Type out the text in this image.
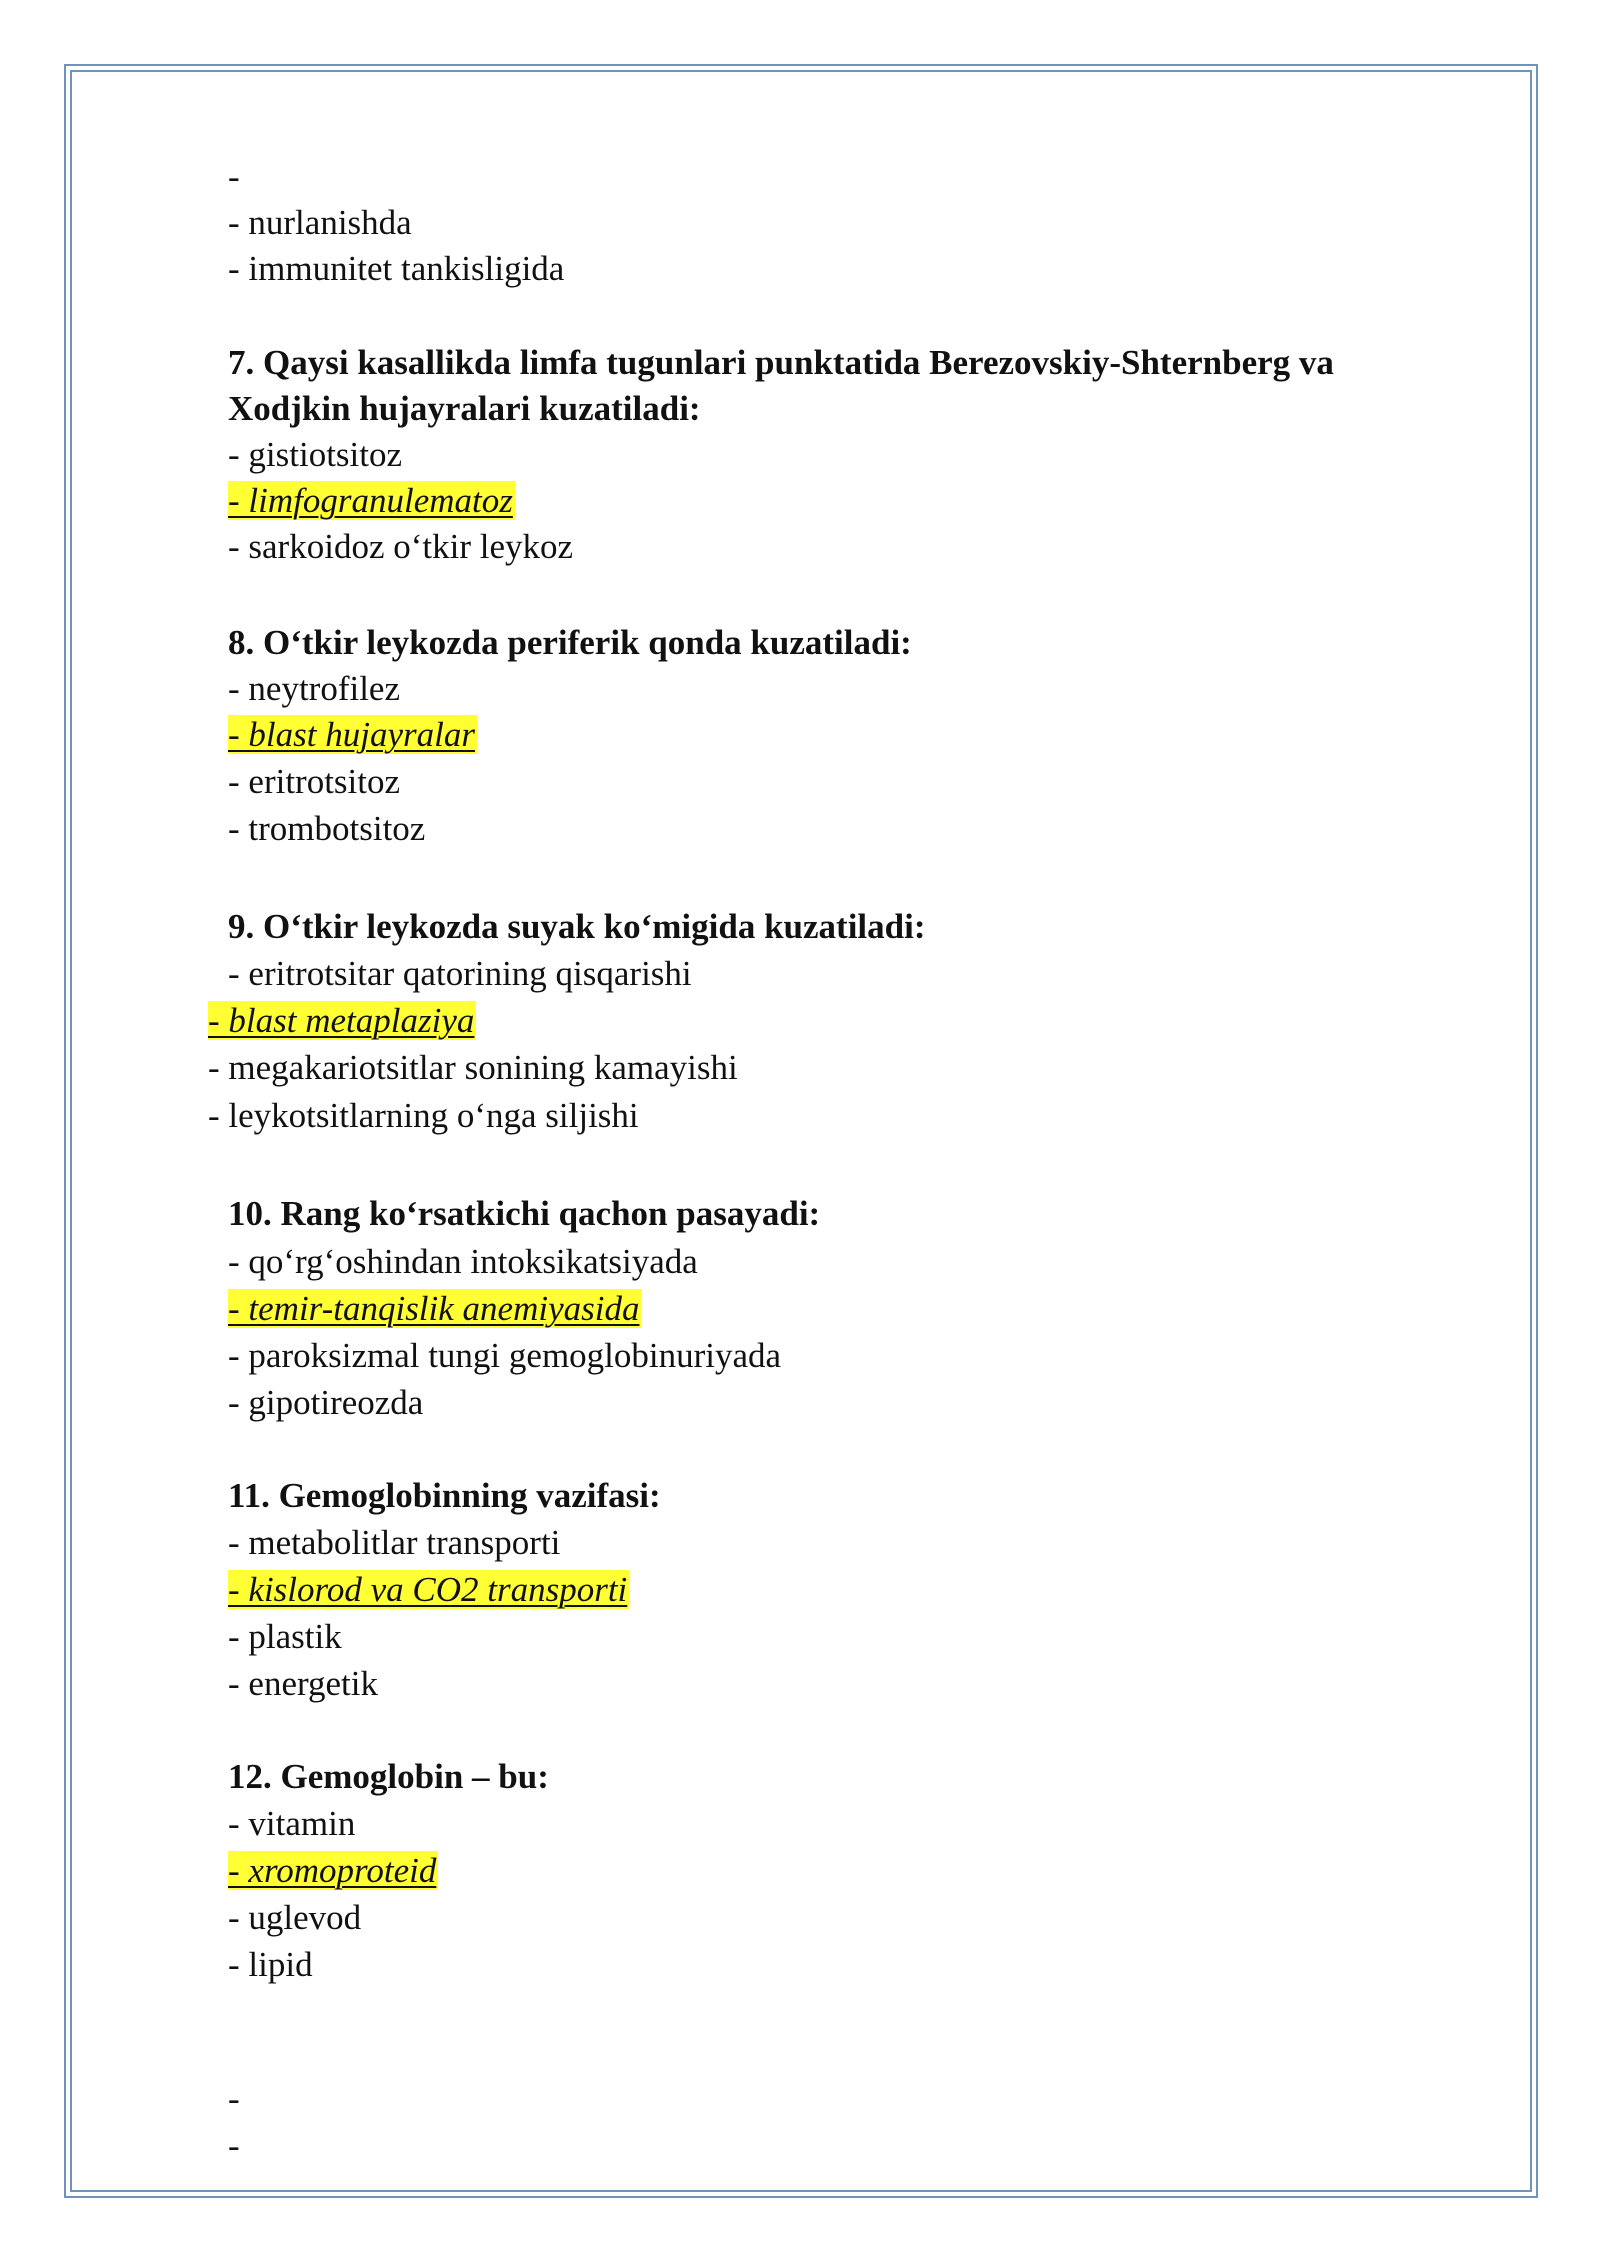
-
- nurlanishda
- immunitet tankisligida
7. Qaysi kasallikda limfa tugunlari punktatida Berezovskiy-Shternberg va
Xodjkin hujayralari kuzatiladi:
- gistiotsitoz
- limfogranulematoz
- sarkoidoz o‘tkir leykoz
8. O‘tkir leykozda periferik qonda kuzatiladi:
- neytrofilez
- blast hujayralar
- eritrotsitoz
- trombotsitoz
9. O‘tkir leykozda suyak ko‘migida kuzatiladi:
- eritrotsitar qatorining qisqarishi
- blast metaplaziya
- megakariotsitlar sonining kamayishi
- leykotsitlarning o‘nga siljishi
10. Rang ko‘rsatkichi qachon pasayadi:
- qo‘rg‘oshindan intoksikatsiyada
- temir-tanqislik anemiyasida
- paroksizmal tungi gemoglobinuriyada
- gipotireozda
11. Gemoglobinning vazifasi:
- metabolitlar transporti
- kislorod va CO2 transporti
- plastik
- energetik
12. Gemoglobin – bu:
- vitamin
- xromoproteid
- uglevod
- lipid
-
-
